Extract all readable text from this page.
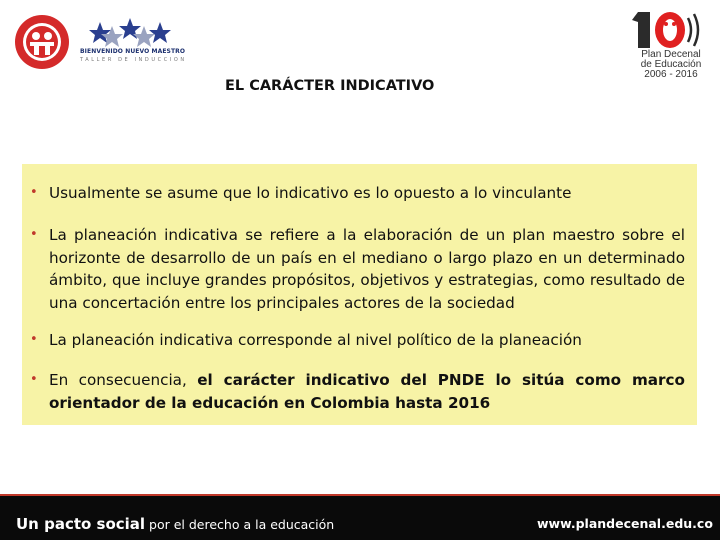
BIENVENIDO NUEVO MAESTRO
TALLER DE INDUCCION	Plan Decenal
de Educación
2006 - 2016
EL CARÁCTER INDICATIVO
• Usualmente se asume que lo indicativo es lo opuesto a lo vinculante
• La planeación indicativa se refiere a la elaboración de un plan maestro sobre el horizonte de desarrollo de un país en el mediano o largo plazo en un determinado ámbito, que incluye grandes propósitos, objetivos y estrategias, como resultado de una concertación entre los principales actores de la sociedad
• La planeación indicativa corresponde al nivel político de la planeación
• En consecuencia, el carácter indicativo del PNDE lo sitúa como marco orientador de la educación en Colombia hasta 2016
Un pacto social por el derecho a la educación	www.plandecenal.edu.co
